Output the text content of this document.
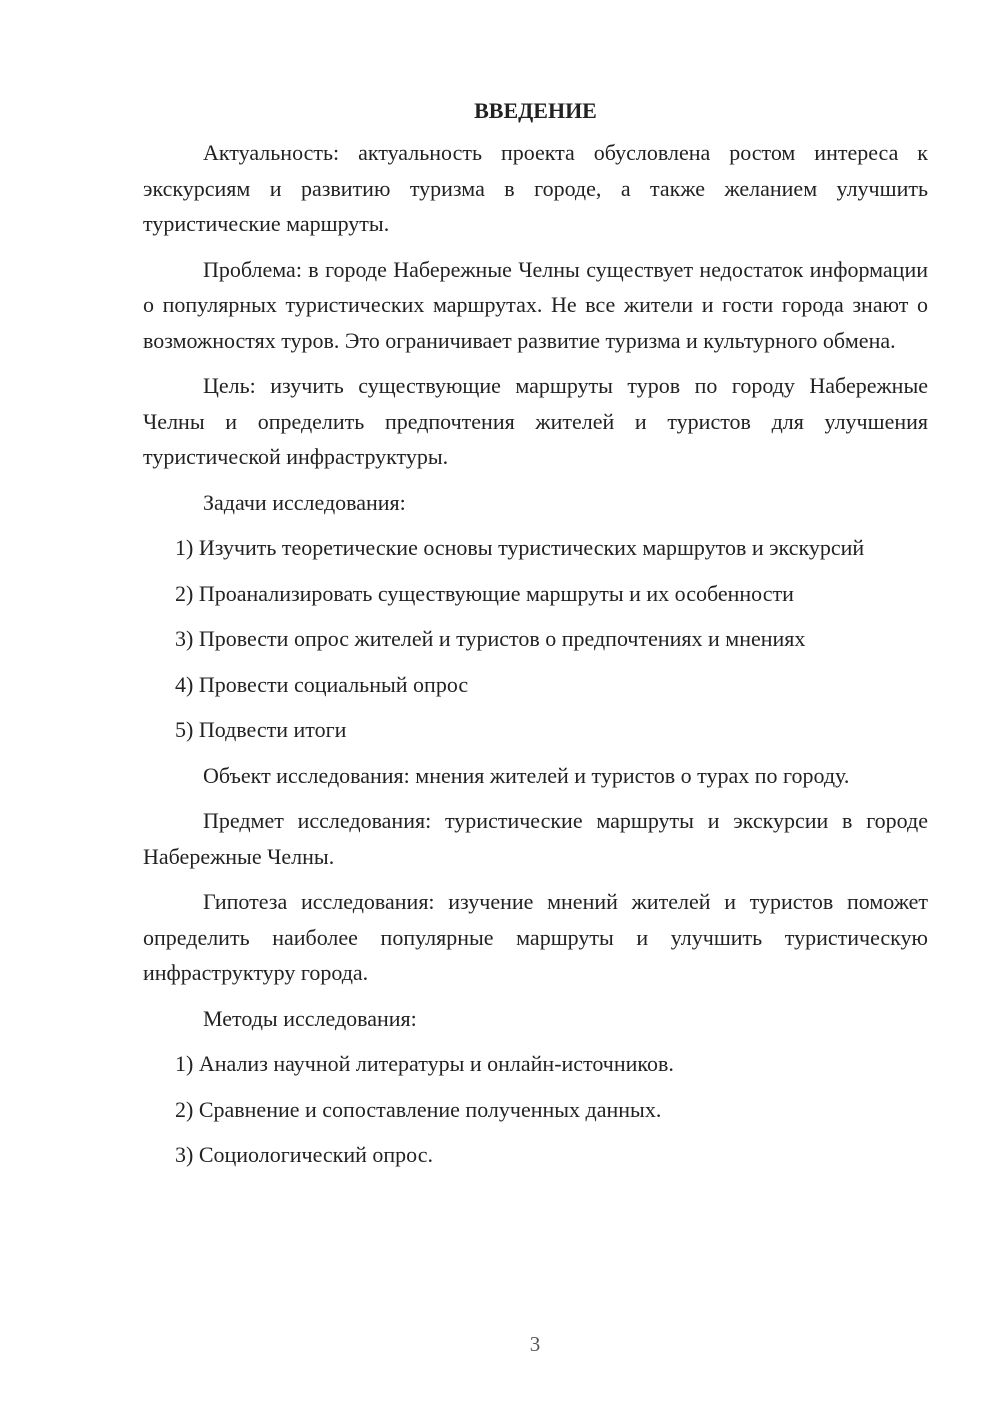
ВВЕДЕНИЕ

Актуальность: актуальность проекта обусловлена ростом интереса к экскурсиям и развитию туризма в городе, а также желанием улучшить туристические маршруты.

Проблема: в городе Набережные Челны существует недостаток информации о популярных туристических маршрутах. Не все жители и гости города знают о возможностях туров. Это ограничивает развитие туризма и культурного обмена.

Цель: изучить существующие маршруты туров по городу Набережные Челны и определить предпочтения жителей и туристов для улучшения туристической инфраструктуры.

Задачи исследования:

1) Изучить теоретические основы туристических маршрутов и экскурсий

2) Проанализировать существующие маршруты и их особенности

3) Провести опрос жителей и туристов о предпочтениях и мнениях

4) Провести социальный опрос

5) Подвести итоги

Объект исследования: мнения жителей и туристов о турах по городу.

Предмет исследования: туристические маршруты и экскурсии в городе Набережные Челны.

Гипотеза исследования: изучение мнений жителей и туристов поможет определить наиболее популярные маршруты и улучшить туристическую инфраструктуру города.

Методы исследования:

1) Анализ научной литературы и онлайн-источников.

2) Сравнение и сопоставление полученных данных.

3) Социологический опрос.

3
